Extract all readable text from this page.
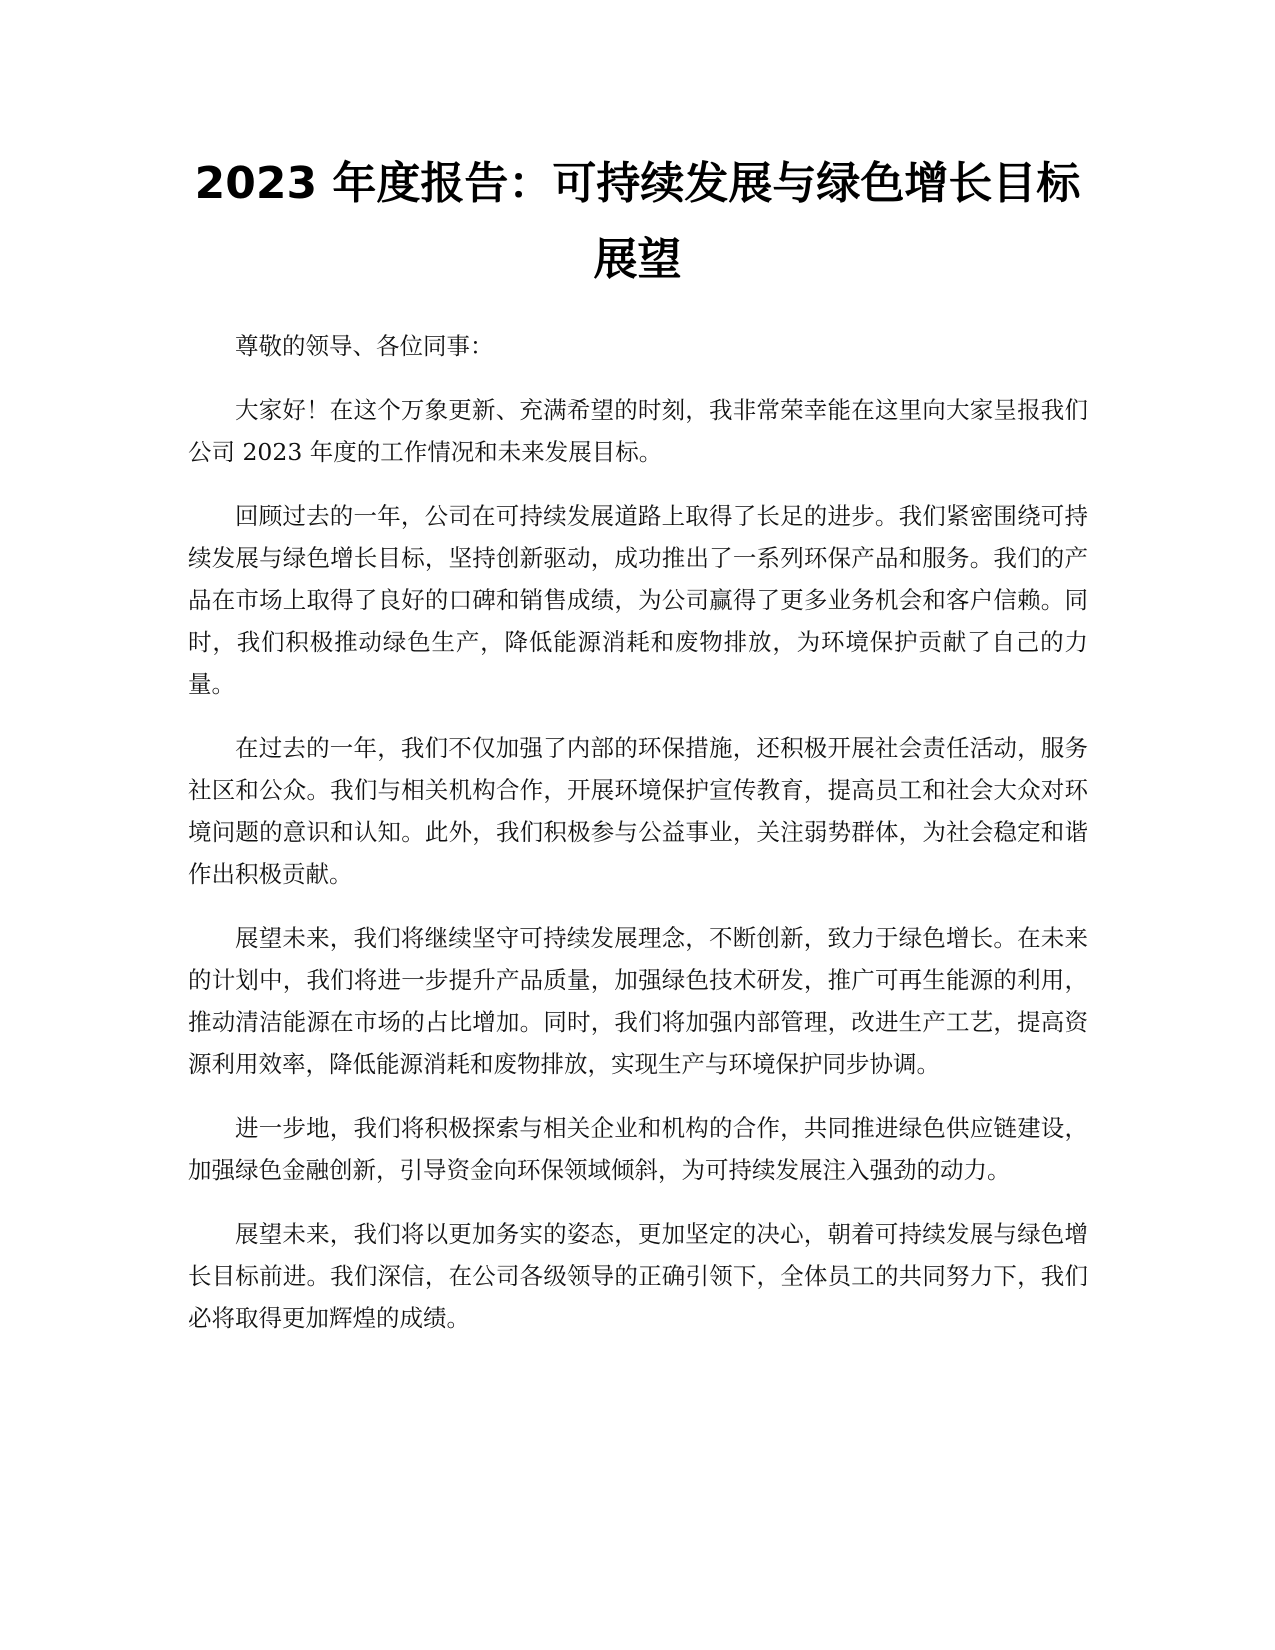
2023 年度报告：可持续发展与绿色增长目标展望

尊敬的领导、各位同事：

大家好！在这个万象更新、充满希望的时刻，我非常荣幸能在这里向大家呈报我们公司 2023 年度的工作情况和未来发展目标。

回顾过去的一年，公司在可持续发展道路上取得了长足的进步。我们紧密围绕可持续发展与绿色增长目标，坚持创新驱动，成功推出了一系列环保产品和服务。我们的产品在市场上取得了良好的口碑和销售成绩，为公司赢得了更多业务机会和客户信赖。同时，我们积极推动绿色生产，降低能源消耗和废物排放，为环境保护贡献了自己的力量。

在过去的一年，我们不仅加强了内部的环保措施，还积极开展社会责任活动，服务社区和公众。我们与相关机构合作，开展环境保护宣传教育，提高员工和社会大众对环境问题的意识和认知。此外，我们积极参与公益事业，关注弱势群体，为社会稳定和谐作出积极贡献。

展望未来，我们将继续坚守可持续发展理念，不断创新，致力于绿色增长。在未来的计划中，我们将进一步提升产品质量，加强绿色技术研发，推广可再生能源的利用，推动清洁能源在市场的占比增加。同时，我们将加强内部管理，改进生产工艺，提高资源利用效率，降低能源消耗和废物排放，实现生产与环境保护同步协调。

进一步地，我们将积极探索与相关企业和机构的合作，共同推进绿色供应链建设，加强绿色金融创新，引导资金向环保领域倾斜，为可持续发展注入强劲的动力。

展望未来，我们将以更加务实的姿态，更加坚定的决心，朝着可持续发展与绿色增长目标前进。我们深信，在公司各级领导的正确引领下，全体员工的共同努力下，我们必将取得更加辉煌的成绩。
